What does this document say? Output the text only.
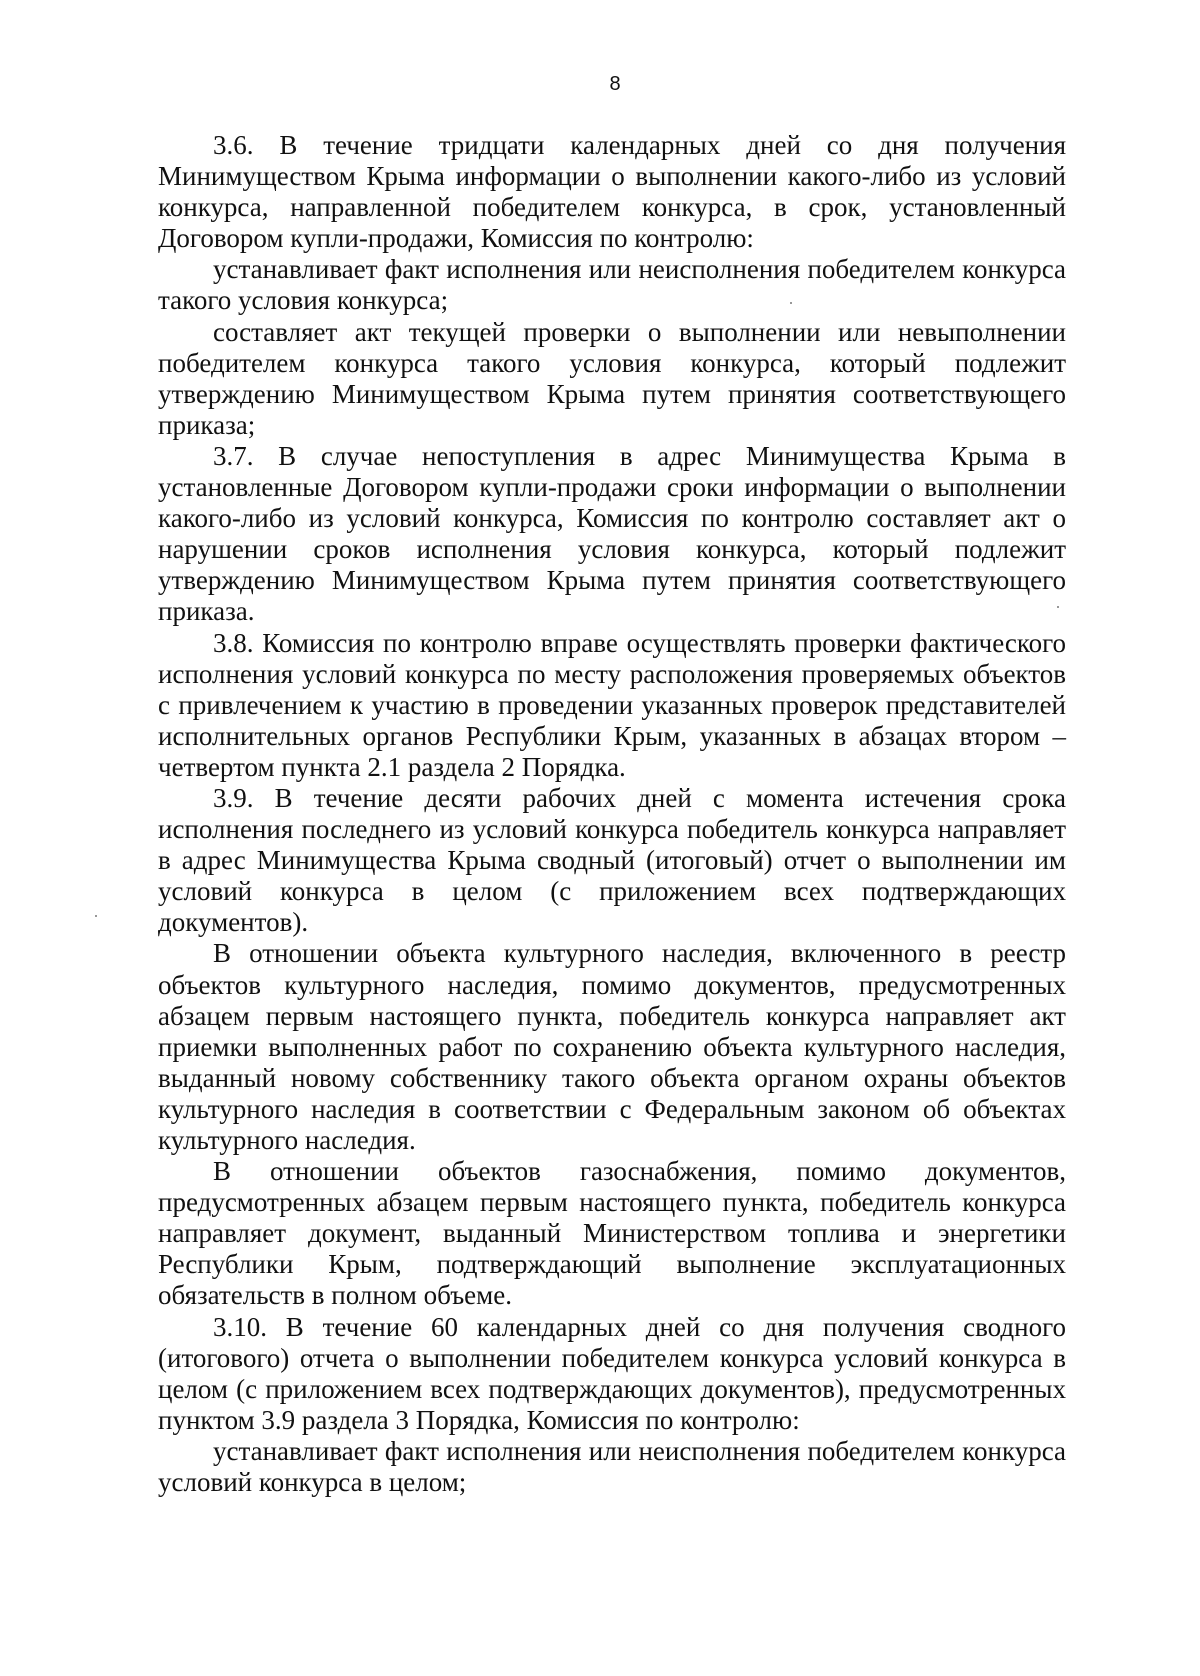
8

3.6. В течение тридцати календарных дней со дня получения Минимуществом Крыма информации о выполнении какого-либо из условий конкурса, направленной победителем конкурса, в срок, установленный Договором купли-продажи, Комиссия по контролю:

устанавливает факт исполнения или неисполнения победителем конкурса такого условия конкурса;

составляет акт текущей проверки о выполнении или невыполнении победителем конкурса такого условия конкурса, который подлежит утверждению Минимуществом Крыма путем принятия соответствующего приказа;

3.7. В случае непоступления в адрес Минимущества Крыма в установленные Договором купли-продажи сроки информации о выполнении какого-либо из условий конкурса, Комиссия по контролю составляет акт о нарушении сроков исполнения условия конкурса, который подлежит утверждению Минимуществом Крыма путем принятия соответствующего приказа.

3.8. Комиссия по контролю вправе осуществлять проверки фактического исполнения условий конкурса по месту расположения проверяемых объектов с привлечением к участию в проведении указанных проверок представителей исполнительных органов Республики Крым, указанных в абзацах втором – четвертом пункта 2.1 раздела 2 Порядка.

3.9. В течение десяти рабочих дней с момента истечения срока исполнения последнего из условий конкурса победитель конкурса направляет в адрес Минимущества Крыма сводный (итоговый) отчет о выполнении им условий конкурса в целом (с приложением всех подтверждающих документов).

В отношении объекта культурного наследия, включенного в реестр объектов культурного наследия, помимо документов, предусмотренных абзацем первым настоящего пункта, победитель конкурса направляет акт приемки выполненных работ по сохранению объекта культурного наследия, выданный новому собственнику такого объекта органом охраны объектов культурного наследия в соответствии с Федеральным законом об объектах культурного наследия.

В отношении объектов газоснабжения, помимо документов, предусмотренных абзацем первым настоящего пункта, победитель конкурса направляет документ, выданный Министерством топлива и энергетики Республики Крым, подтверждающий выполнение эксплуатационных обязательств в полном объеме.

3.10. В течение 60 календарных дней со дня получения сводного (итогового) отчета о выполнении победителем конкурса условий конкурса в целом (с приложением всех подтверждающих документов), предусмотренных пунктом 3.9 раздела 3 Порядка, Комиссия по контролю:

устанавливает факт исполнения или неисполнения победителем конкурса условий конкурса в целом;
